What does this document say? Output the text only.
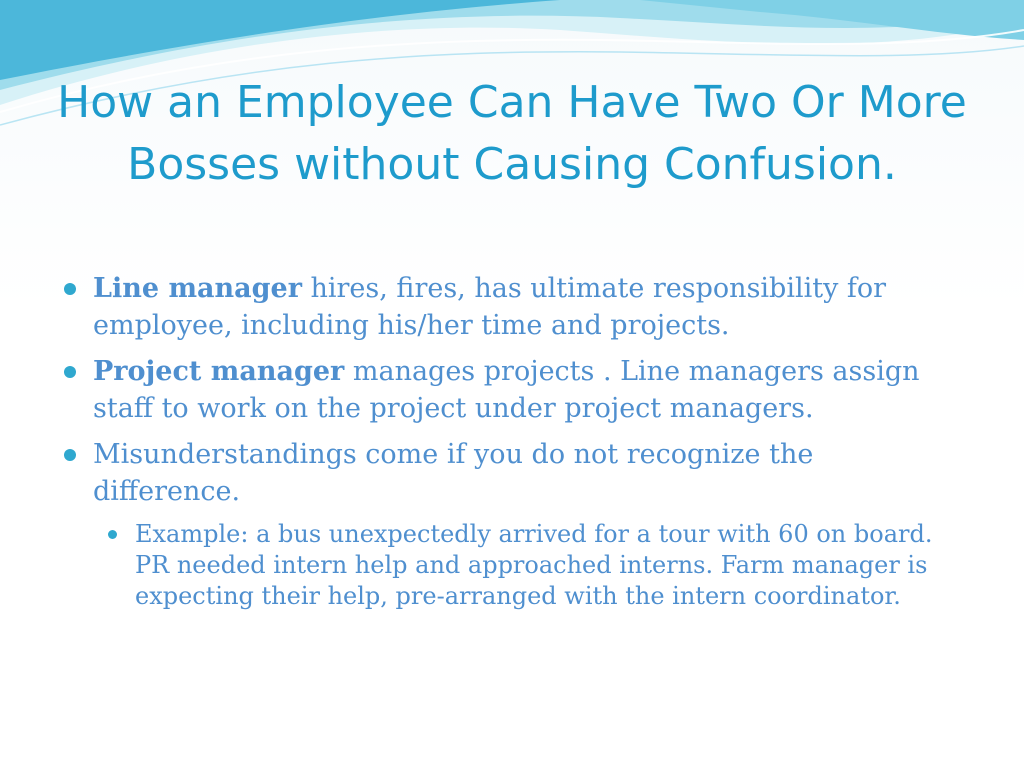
How an Employee Can Have Two Or More Bosses without Causing Confusion.
Line manager hires, fires, has ultimate responsibility for employee, including his/her time and projects.
Project manager manages projects . Line managers assign staff to work on the project under project managers.
Misunderstandings come if you do not recognize the difference.
Example: a bus unexpectedly arrived for a tour with 60 on board. PR needed intern help and approached interns. Farm manager is expecting their help, pre-arranged with the intern coordinator.
